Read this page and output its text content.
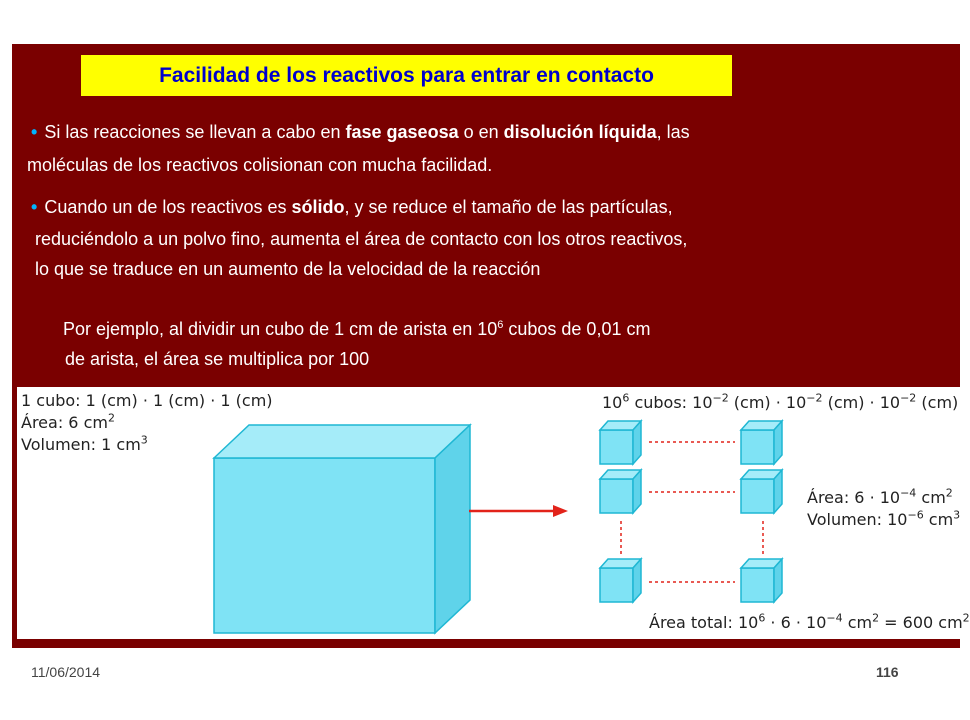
Facilidad de los reactivos para entrar en contacto
• Si las reacciones se llevan a cabo en fase gaseosa o en disolución líquida, las
moléculas de los reactivos colisionan con mucha facilidad.
• Cuando un de los reactivos es sólido, y se reduce el tamaño de las partículas,
reduciéndolo a un polvo fino, aumenta el área de contacto con los otros reactivos,
lo que se traduce en un aumento de la velocidad de la reacción
Por ejemplo, al dividir un cubo de 1 cm de arista en $10^6$ cubos de 0,01 cm
de arista, el área se multiplica por 100
1 cubo: 1 (cm) · 1 (cm) · 1 (cm)
Área: 6 $cm^2$
Volumen: 1 $cm^3$
$10^6$ cubos: $10^{-2}$ $(cm) \cdot 10^{-2}$ $(cm) \cdot 10^{-2}$ (cm)
Área: $6 \cdot 10^{-4}$ $cm^2$
Volumen: $10^{-6}$ $cm^3$
Área total: $10^6 \cdot 6 \cdot 10^{-4}$ $cm^2 = 600$ $cm^2$
11/06/2014	116
